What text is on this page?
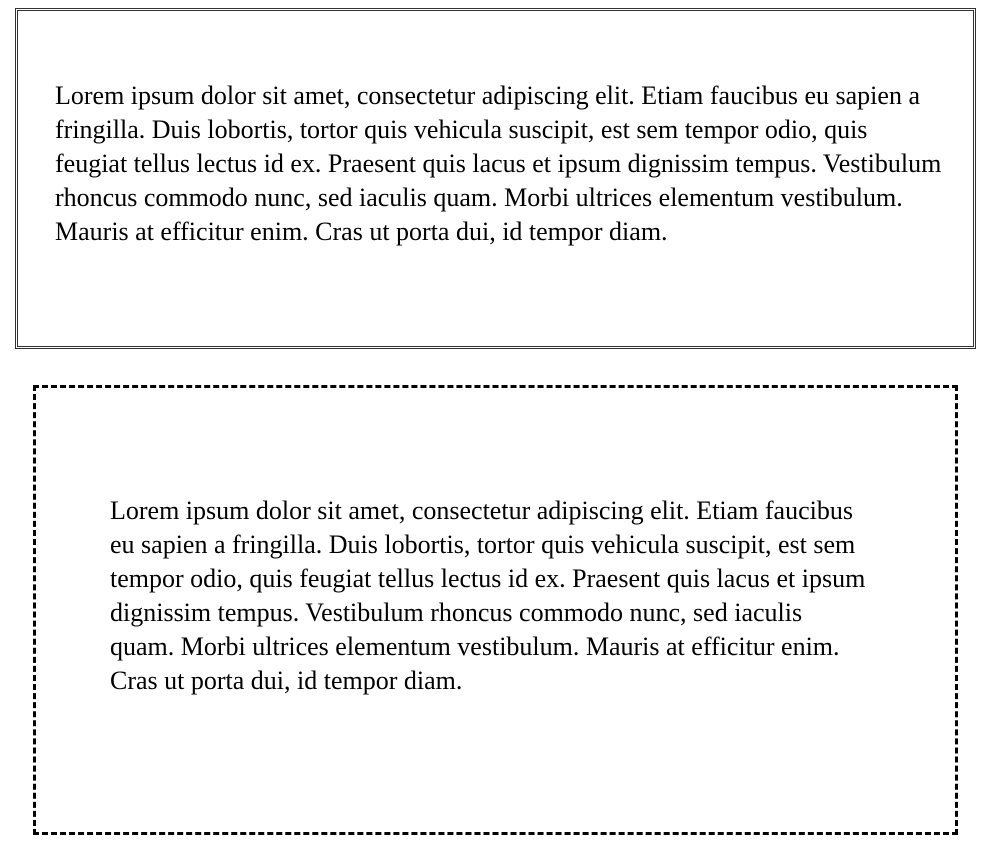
Lorem ipsum dolor sit amet, consectetur adipiscing elit. Etiam faucibus eu sapien a fringilla. Duis lobortis, tortor quis vehicula suscipit, est sem tempor odio, quis feugiat tellus lectus id ex. Praesent quis lacus et ipsum dignissim tempus. Vestibulum rhoncus commodo nunc, sed iaculis quam. Morbi ultrices elementum vestibulum. Mauris at efficitur enim. Cras ut porta dui, id tempor diam.

Lorem ipsum dolor sit amet, consectetur adipiscing elit. Etiam faucibus eu sapien a fringilla. Duis lobortis, tortor quis vehicula suscipit, est sem tempor odio, quis feugiat tellus lectus id ex. Praesent quis lacus et ipsum dignissim tempus. Vestibulum rhoncus commodo nunc, sed iaculis quam. Morbi ultrices elementum vestibulum. Mauris at efficitur enim. Cras ut porta dui, id tempor diam.
